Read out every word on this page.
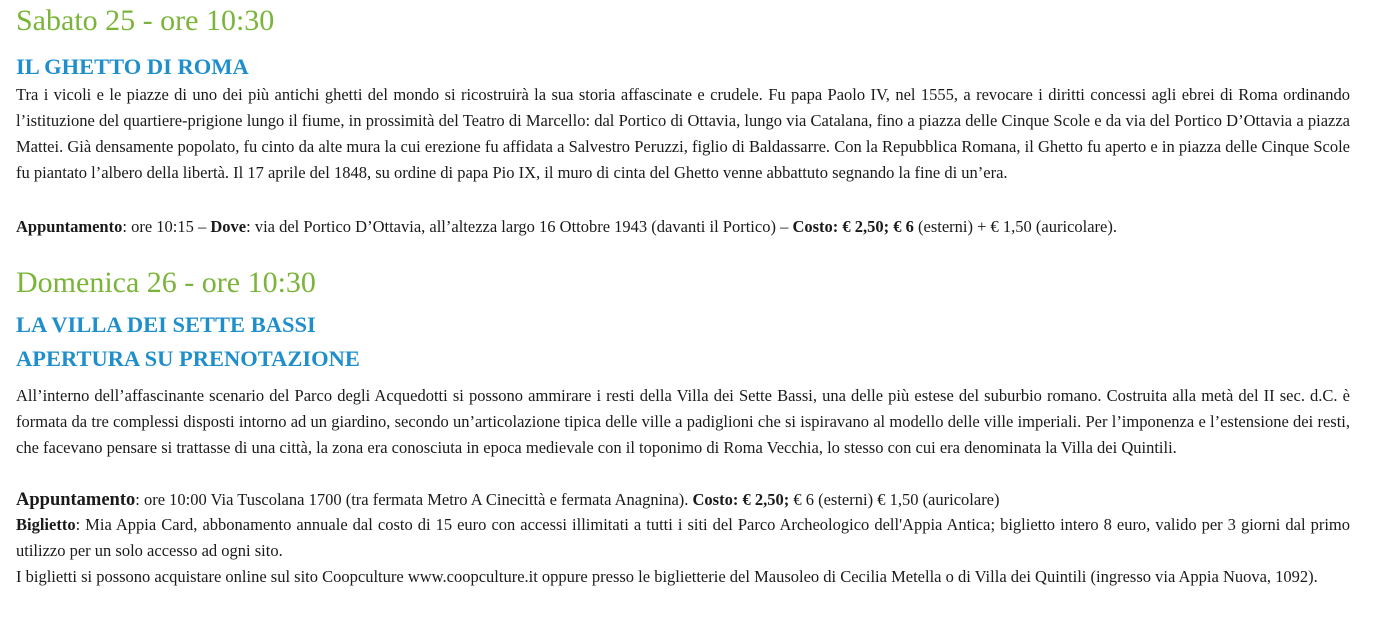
Sabato 25 - ore 10:30
IL GHETTO DI ROMA

Tra i vicoli e le piazze di uno dei più antichi ghetti del mondo si ricostruirà la sua storia affascinate e crudele. Fu papa Paolo IV, nel 1555, a revocare i diritti concessi agli ebrei di Roma ordinando l’istituzione del quartiere-prigione lungo il fiume, in prossimità del Teatro di Marcello: dal Portico di Ottavia, lungo via Catalana, fino a piazza delle Cinque Scole e da via del Portico D’Ottavia a piazza Mattei. Già densamente popolato, fu cinto da alte mura la cui erezione fu affidata a Salvestro Peruzzi, figlio di Baldassarre. Con la Repubblica Romana, il Ghetto fu aperto e in piazza delle Cinque Scole fu piantato l’albero della libertà. Il 17 aprile del 1848, su ordine di papa Pio IX, il muro di cinta del Ghetto venne abbattuto segnando la fine di un’era.

Appuntamento: ore 10:15 – Dove: via del Portico D’Ottavia, all’altezza largo 16 Ottobre 1943 (davanti il Portico) – Costo: € 2,50; € 6 (esterni) + € 1,50 (auricolare).
Domenica 26 - ore 10:30
LA VILLA DEI SETTE BASSI
APERTURA SU PRENOTAZIONE

All’interno dell’affascinante scenario del Parco degli Acquedotti si possono ammirare i resti della Villa dei Sette Bassi, una delle più estese del suburbio romano. Costruita alla metà del II sec. d.C. è formata da tre complessi disposti intorno ad un giardino, secondo un’articolazione tipica delle ville a padiglioni che si ispiravano al modello delle ville imperiali. Per l’imponenza e l’estensione dei resti, che facevano pensare si trattasse di una città, la zona era conosciuta in epoca medievale con il toponimo di Roma Vecchia, lo stesso con cui era denominata la Villa dei Quintili.

Appuntamento: ore 10:00 Via Tuscolana 1700 (tra fermata Metro A Cinecittà e fermata Anagnina). Costo: € 2,50; € 6 (esterni) € 1,50 (auricolare)

Biglietto: Mia Appia Card, abbonamento annuale dal costo di 15 euro con accessi illimitati a tutti i siti del Parco Archeologico dell'Appia Antica; biglietto intero 8 euro, valido per 3 giorni dal primo utilizzo per un solo accesso ad ogni sito.

I biglietti si possono acquistare online sul sito Coopculture www.coopculture.it oppure presso le biglietterie del Mausoleo di Cecilia Metella o di Villa dei Quintili (ingresso via Appia Nuova, 1092).
